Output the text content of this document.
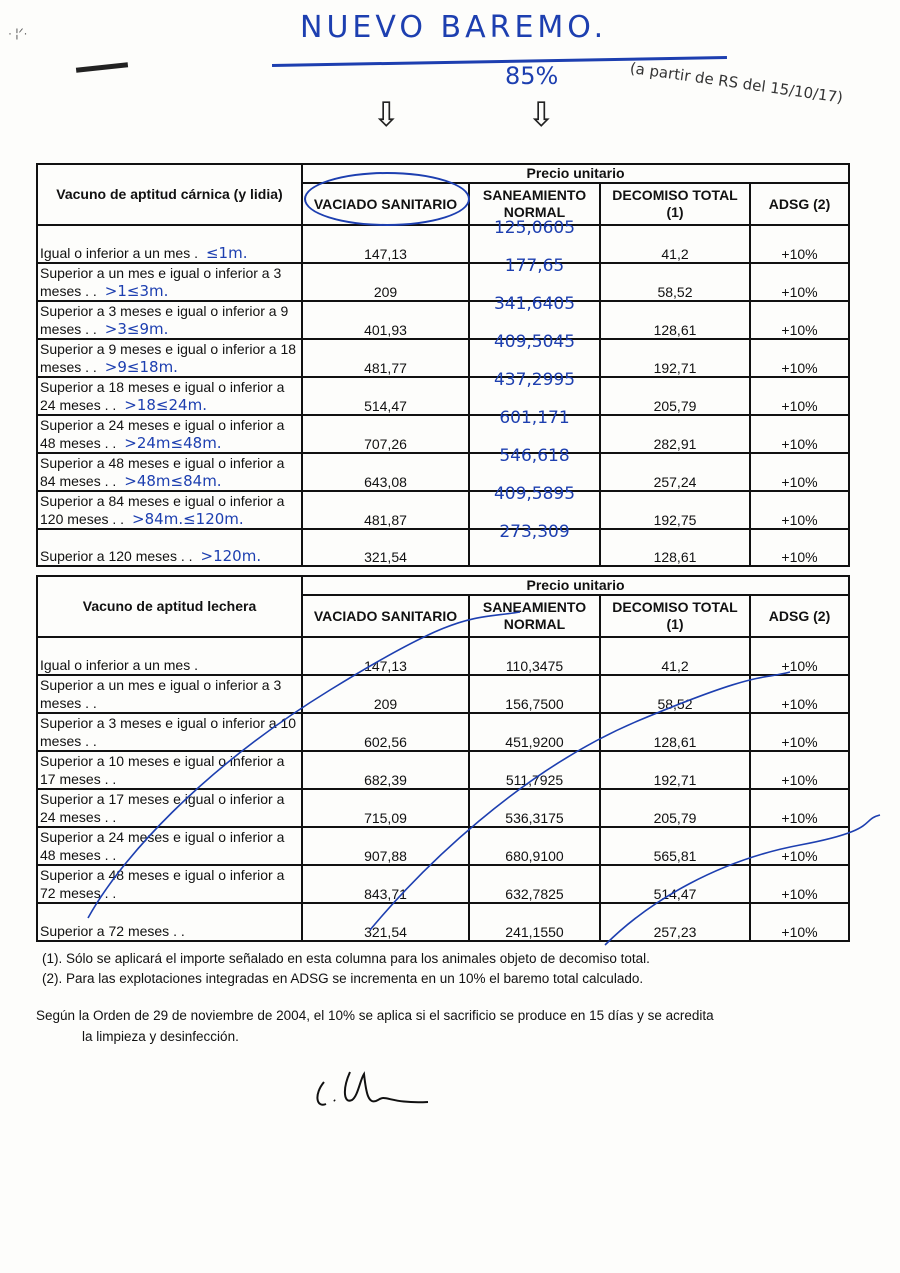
· ¦ᐟ·	NUEVO BAREMO.
85%	(a partir de RS del 15/10/17)
⇩	⇩
Vacuno de aptitud cárnica (y lidia)	Precio unitario			
	VACIADO SANITARIO	SANEAMIENTO NORMAL	DECOMISO TOTAL (1)	ADSG (2)
Igual o inferior a un mes . ≤1m.	147,13	125,0605	41,2	+10%
Superior a un mes e igual o inferior a 3 meses . . >1≤3m.	209	177,65	58,52	+10%
Superior a 3 meses e igual o inferior a 9 meses . . >3≤9m.	401,93	341,6405	128,61	+10%
Superior a 9 meses e igual o inferior a 18 meses . . >9≤18m.	481,77	409,5045	192,71	+10%
Superior a 18 meses e igual o inferior a 24 meses . . >18≤24m.	514,47	437,2995	205,79	+10%
Superior a 24 meses e igual o inferior a 48 meses . . >24m≤48m.	707,26	601,171	282,91	+10%
Superior a 48 meses e igual o inferior a 84 meses . . >48m≤84m.	643,08	546,618	257,24	+10%
Superior a 84 meses e igual o inferior a 120 meses . . >84m.≤120m.	481,87	409,5895	192,75	+10%
Superior a 120 meses . . >120m.	321,54	273,309	128,61	+10%
Vacuno de aptitud lechera	Precio unitario			
	VACIADO SANITARIO	SANEAMIENTO NORMAL	DECOMISO TOTAL (1)	ADSG (2)
Igual o inferior a un mes .	147,13	110,3475	41,2	+10%
Superior a un mes e igual o inferior a 3 meses . .	209	156,7500	58,52	+10%
Superior a 3 meses e igual o inferior a 10 meses . .	602,56	451,9200	128,61	+10%
Superior a 10 meses e igual o inferior a 17 meses . .	682,39	511,7925	192,71	+10%
Superior a 17 meses e igual o inferior a 24 meses . .	715,09	536,3175	205,79	+10%
Superior a 24 meses e igual o inferior a 48 meses . .	907,88	680,9100	565,81	+10%
Superior a 48 meses e igual o inferior a 72 meses . .	843,71	632,7825	514,47	+10%
Superior a 72 meses . .	321,54	241,1550	257,23	+10%
(1). Sólo se aplicará el importe señalado en esta columna para los animales objeto de decomiso total.
(2). Para las explotaciones integradas en ADSG se incrementa en un 10% el baremo total calculado.
Según la Orden de 29 de noviembre de 2004, el 10% se aplica si el sacrificio se produce en 15 días y se acredita
la limpieza y desinfección.
